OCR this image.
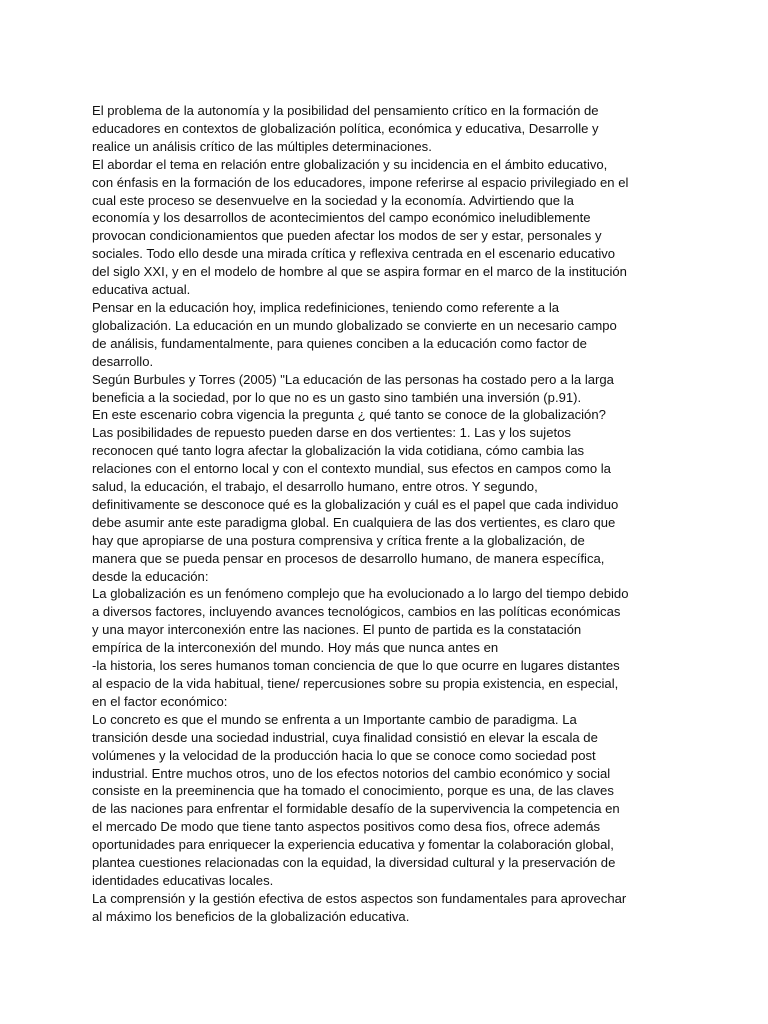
El problema de la autonomía y la posibilidad del pensamiento crítico en la formación de
educadores en contextos de globalización política, económica y educativa, Desarrolle y
realice un análisis crítico de las múltiples determinaciones.
El abordar el tema en relación entre globalización y su incidencia en el ámbito educativo,
con énfasis en la formación de los educadores, impone referirse al espacio privilegiado en el
cual este proceso se desenvuelve en la sociedad y la economía. Advirtiendo que la
economía y los desarrollos de acontecimientos del campo económico ineludiblemente
provocan condicionamientos que pueden afectar los modos de ser y estar, personales y
sociales. Todo ello desde una mirada crítica y reflexiva centrada en el escenario educativo
del siglo XXI, y en el modelo de hombre al que se aspira formar en el marco de la institución
educativa actual.
Pensar en la educación hoy, implica redefiniciones, teniendo como referente a la
globalización. La educación en un mundo globalizado se convierte en un necesario campo
de análisis, fundamentalmente, para quienes conciben a la educación como factor de
desarrollo.
Según Burbules y Torres (2005) "La educación de las personas ha costado pero a la larga
beneficia a la sociedad, por lo que no es un gasto sino también una inversión (p.91).
En este escenario cobra vigencia la pregunta ¿ qué tanto se conoce de la globalización?
Las posibilidades de repuesto pueden darse en dos vertientes: 1. Las y los sujetos
reconocen qué tanto logra afectar la globalización la vida cotidiana, cómo cambia las
relaciones con el entorno local y con el contexto mundial, sus efectos en campos como la
salud, la educación, el trabajo, el desarrollo humano, entre otros. Y segundo,
definitivamente se desconoce qué es la globalización y cuál es el papel que cada individuo
debe asumir ante este paradigma global. En cualquiera de las dos vertientes, es claro que
hay que apropiarse de una postura comprensiva y crítica frente a la globalización, de
manera que se pueda pensar en procesos de desarrollo humano, de manera específica,
desde la educación:
La globalización es un fenómeno complejo que ha evolucionado a lo largo del tiempo debido
a diversos factores, incluyendo avances tecnológicos, cambios en las políticas económicas
y una mayor interconexión entre las naciones. El punto de partida es la constatación
empírica de la interconexión del mundo. Hoy más que nunca antes en
-la historia, los seres humanos toman conciencia de que lo que ocurre en lugares distantes
al espacio de la vida habitual, tiene/ repercusiones sobre su propia existencia, en especial,
en el factor económico:
Lo concreto es que el mundo se enfrenta a un Importante cambio de paradigma. La
transición desde una sociedad industrial, cuya finalidad consistió en elevar la escala de
volúmenes y la velocidad de la producción hacia lo que se conoce como sociedad post
industrial. Entre muchos otros, uno de los efectos notorios del cambio económico y social
consiste en la preeminencia que ha tomado el conocimiento, porque es una, de las claves
de las naciones para enfrentar el formidable desafío de la supervivencia la competencia en
el mercado De modo que tiene tanto aspectos positivos como desa fios, ofrece además
oportunidades para enriquecer la experiencia educativa y fomentar la colaboración global,
plantea cuestiones relacionadas con la equidad, la diversidad cultural y la preservación de
identidades educativas locales.
La comprensión y la gestión efectiva de estos aspectos son fundamentales para aprovechar
al máximo los beneficios de la globalización educativa.
